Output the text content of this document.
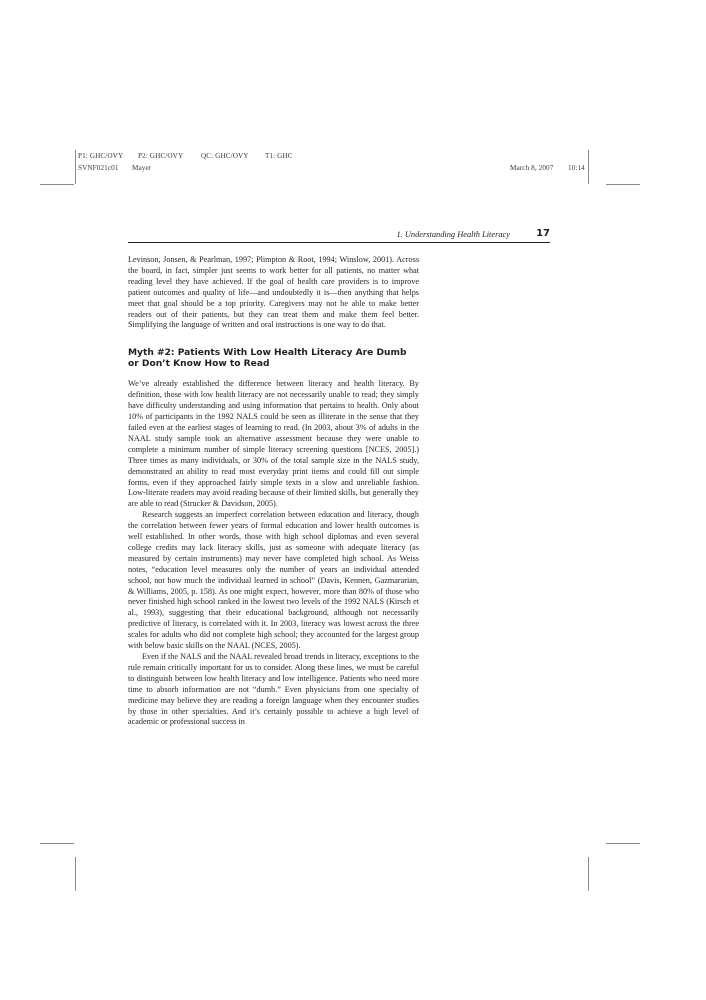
P1: GHC/OVY P2: GHC/OVY QC: GHC/OVY T1: GHC
SVNF021c01 Mayer	March 8, 2007 10:14
1. Understanding Health Literacy	17

Levinson, Jonsen, & Pearlman, 1997; Plimpton & Root, 1994; Winslow, 2001). Across the board, in fact, simpler just seems to work better for all patients, no matter what reading level they have achieved. If the goal of health care providers is to improve patient outcomes and quality of life—and undoubtedly it is—then anything that helps meet that goal should be a top priority. Caregivers may not be able to make better readers out of their patients, but they can treat them and make them feel better. Simplifying the language of written and oral instructions is one way to do that.

Myth #2: Patients With Low Health Literacy Are Dumb or Don’t Know How to Read

We’ve already established the difference between literacy and health literacy. By definition, those with low health literacy are not necessarily unable to read; they simply have difficulty understanding and using information that pertains to health. Only about 10% of participants in the 1992 NALS could be seen as illiterate in the sense that they failed even at the earliest stages of learning to read. (In 2003, about 3% of adults in the NAAL study sample took an alternative assessment because they were unable to complete a minimum number of simple literacy screening questions [NCES, 2005].) Three times as many individuals, or 30% of the total sample size in the NALS study, demonstrated an ability to read most everyday print items and could fill out simple forms, even if they approached fairly simple texts in a slow and unreliable fashion. Low-literate readers may avoid reading because of their limited skills, but generally they are able to read (Strucker & Davidson, 2005).

Research suggests an imperfect correlation between education and literacy, though the correlation between fewer years of formal education and lower health outcomes is well established. In other words, those with high school diplomas and even several college credits may lack literacy skills, just as someone with adequate literacy (as measured by certain instruments) may never have completed high school. As Weiss notes, “education level measures only the number of years an individual attended school, not how much the individual learned in school” (Davis, Kennen, Gazmararian, & Williams, 2005, p. 158). As one might expect, however, more than 80% of those who never finished high school ranked in the lowest two levels of the 1992 NALS (Kirsch et al., 1993), suggesting that their educational background, although not necessarily predictive of literacy, is correlated with it. In 2003, literacy was lowest across the three scales for adults who did not complete high school; they accounted for the largest group with below basic skills on the NAAL (NCES, 2005).

Even if the NALS and the NAAL revealed broad trends in literacy, exceptions to the rule remain critically important for us to consider. Along these lines, we must be careful to distinguish between low health literacy and low intelligence. Patients who need more time to absorb information are not “dumb.” Even physicians from one specialty of medicine may believe they are reading a foreign language when they encounter studies by those in other specialties. And it’s certainly possible to achieve a high level of academic or professional success in
